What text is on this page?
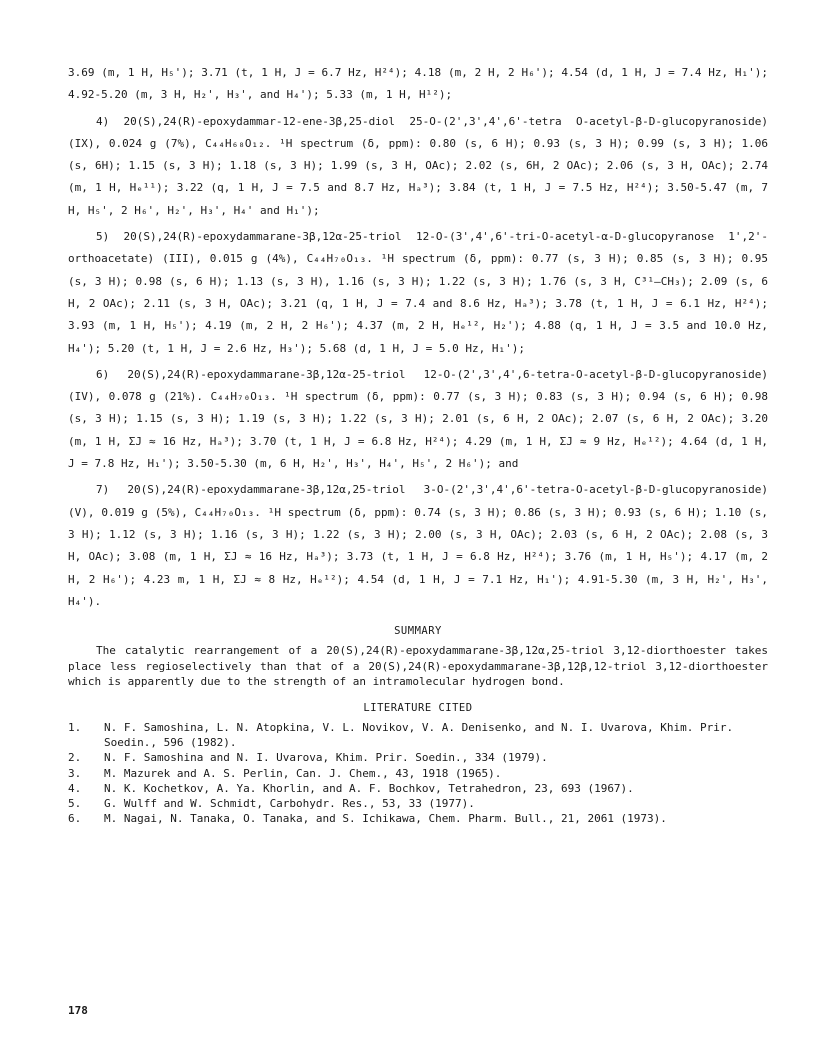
3.69 (m, 1 H, H₅'); 3.71 (t, 1 H, J = 6.7 Hz, H²⁴); 4.18 (m, 2 H, 2 H₆'); 4.54 (d, 1 H, J = 7.4 Hz, H₁'); 4.92-5.20 (m, 3 H, H₂', H₃', and H₄'); 5.33 (m, 1 H, H¹²);

4) 20(S),24(R)-epoxydammar-12-ene-3β,25-diol 25-O-(2',3',4',6'-tetra O-acetyl-β-D-glucopyranoside) (IX), 0.024 g (7%), C₄₄H₆₈O₁₂. ¹H spectrum (δ, ppm): 0.80 (s, 6 H); 0.93 (s, 3 H); 0.99 (s, 3 H); 1.06 (s, 6H); 1.15 (s, 3 H); 1.18 (s, 3 H); 1.99 (s, 3 H, OAc); 2.02 (s, 6H, 2 OAc); 2.06 (s, 3 H, OAc); 2.74 (m, 1 H, Hₑ¹¹); 3.22 (q, 1 H, J = 7.5 and 8.7 Hz, Hₐ³); 3.84 (t, 1 H, J = 7.5 Hz, H²⁴); 3.50-5.47 (m, 7 H, H₅', 2 H₆', H₂', H₃', H₄' and H₁');

5) 20(S),24(R)-epoxydammarane-3β,12α-25-triol 12-O-(3',4',6'-tri-O-acetyl-α-D-glucopyranose 1',2'-orthoacetate) (III), 0.015 g (4%), C₄₄H₇₀O₁₃. ¹H spectrum (δ, ppm): 0.77 (s, 3 H); 0.85 (s, 3 H); 0.95 (s, 3 H); 0.98 (s, 6 H); 1.13 (s, 3 H), 1.16 (s, 3 H); 1.22 (s, 3 H); 1.76 (s, 3 H, C³¹–CH₃); 2.09 (s, 6 H, 2 OAc); 2.11 (s, 3 H, OAc); 3.21 (q, 1 H, J = 7.4 and 8.6 Hz, Hₐ³); 3.78 (t, 1 H, J = 6.1 Hz, H²⁴); 3.93 (m, 1 H, H₅'); 4.19 (m, 2 H, 2 H₆'); 4.37 (m, 2 H, Hₑ¹², H₂'); 4.88 (q, 1 H, J = 3.5 and 10.0 Hz, H₄'); 5.20 (t, 1 H, J = 2.6 Hz, H₃'); 5.68 (d, 1 H, J = 5.0 Hz, H₁');

6) 20(S),24(R)-epoxydammarane-3β,12α-25-triol 12-O-(2',3',4',6-tetra-O-acetyl-β-D-glucopyranoside) (IV), 0.078 g (21%). C₄₄H₇₀O₁₃. ¹H spectrum (δ, ppm): 0.77 (s, 3 H); 0.83 (s, 3 H); 0.94 (s, 6 H); 0.98 (s, 3 H); 1.15 (s, 3 H); 1.19 (s, 3 H); 1.22 (s, 3 H); 2.01 (s, 6 H, 2 OAc); 2.07 (s, 6 H, 2 OAc); 3.20 (m, 1 H, ΣJ ≈ 16 Hz, Hₐ³); 3.70 (t, 1 H, J = 6.8 Hz, H²⁴); 4.29 (m, 1 H, ΣJ ≈ 9 Hz, Hₑ¹²); 4.64 (d, 1 H, J = 7.8 Hz, H₁'); 3.50-5.30 (m, 6 H, H₂', H₃', H₄', H₅', 2 H₆'); and

7) 20(S),24(R)-epoxydammarane-3β,12α,25-triol 3-O-(2',3',4',6'-tetra-O-acetyl-β-D-glucopyranoside) (V), 0.019 g (5%), C₄₄H₇₀O₁₃. ¹H spectrum (δ, ppm): 0.74 (s, 3 H); 0.86 (s, 3 H); 0.93 (s, 6 H); 1.10 (s, 3 H); 1.12 (s, 3 H); 1.16 (s, 3 H); 1.22 (s, 3 H); 2.00 (s, 3 H, OAc); 2.03 (s, 6 H, 2 OAc); 2.08 (s, 3 H, OAc); 3.08 (m, 1 H, ΣJ ≈ 16 Hz, Hₐ³); 3.73 (t, 1 H, J = 6.8 Hz, H²⁴); 3.76 (m, 1 H, H₅'); 4.17 (m, 2 H, 2 H₆'); 4.23 m, 1 H, ΣJ ≈ 8 Hz, Hₑ¹²); 4.54 (d, 1 H, J = 7.1 Hz, H₁'); 4.91-5.30 (m, 3 H, H₂', H₃', H₄').

SUMMARY

The catalytic rearrangement of a 20(S),24(R)-epoxydammarane-3β,12α,25-triol 3,12-diorthoester takes place less regioselectively than that of a 20(S),24(R)-epoxydammarane-3β,12β,12-triol 3,12-diorthoester which is apparently due to the strength of an intramolecular hydrogen bond.

LITERATURE CITED
1.	N. F. Samoshina, L. N. Atopkina, V. L. Novikov, V. A. Denisenko, and N. I. Uvarova, Khim. Prir. Soedin., 596 (1982).
2.	N. F. Samoshina and N. I. Uvarova, Khim. Prir. Soedin., 334 (1979).
3.	M. Mazurek and A. S. Perlin, Can. J. Chem., 43, 1918 (1965).
4.	N. K. Kochetkov, A. Ya. Khorlin, and A. F. Bochkov, Tetrahedron, 23, 693 (1967).
5.	G. Wulff and W. Schmidt, Carbohydr. Res., 53, 33 (1977).
6.	M. Nagai, N. Tanaka, O. Tanaka, and S. Ichikawa, Chem. Pharm. Bull., 21, 2061 (1973).
178
